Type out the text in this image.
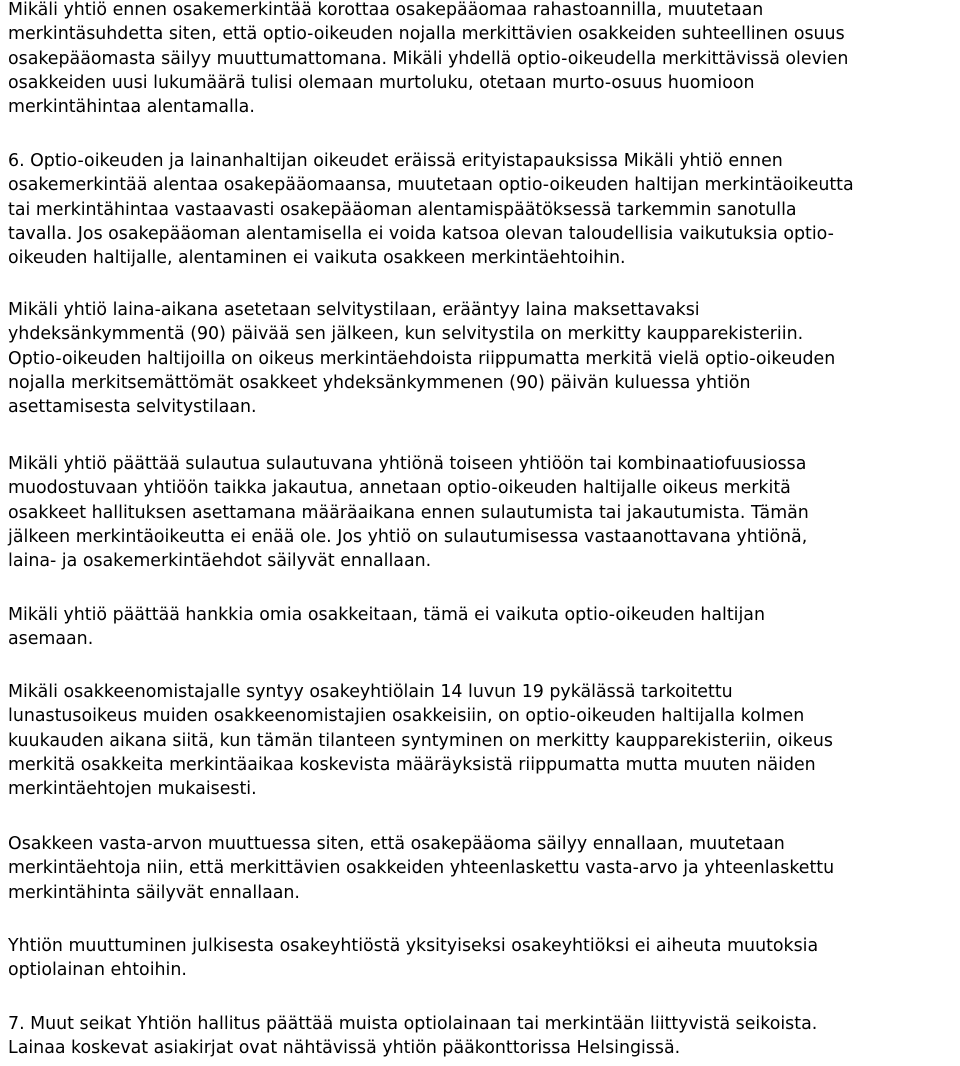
Mikäli yhtiö ennen osakemerkintää korottaa osakepääomaa rahastoannilla, muutetaan
merkintäsuhdetta siten, että optio-oikeuden nojalla merkittävien osakkeiden suhteellinen osuus
osakepääomasta säilyy muuttumattomana. Mikäli yhdellä optio-oikeudella merkittävissä olevien
osakkeiden uusi lukumäärä tulisi olemaan murtoluku, otetaan murto-osuus huomioon
merkintähintaa alentamalla.

6. Optio-oikeuden ja lainanhaltijan oikeudet eräissä erityistapauksissa Mikäli yhtiö ennen
osakemerkintää alentaa osakepääomaansa, muutetaan optio-oikeuden haltijan merkintäoikeutta
tai merkintähintaa vastaavasti osakepääoman alentamispäätöksessä tarkemmin sanotulla
tavalla. Jos osakepääoman alentamisella ei voida katsoa olevan taloudellisia vaikutuksia optio-
oikeuden haltijalle, alentaminen ei vaikuta osakkeen merkintäehtoihin.

Mikäli yhtiö laina-aikana asetetaan selvitystilaan, erääntyy laina maksettavaksi
yhdeksänkymmentä (90) päivää sen jälkeen, kun selvitystila on merkitty kaupparekisteriin.
Optio-oikeuden haltijoilla on oikeus merkintäehdoista riippumatta merkitä vielä optio-oikeuden
nojalla merkitsemättömät osakkeet yhdeksänkymmenen (90) päivän kuluessa yhtiön
asettamisesta selvitystilaan.

Mikäli yhtiö päättää sulautua sulautuvana yhtiönä toiseen yhtiöön tai kombinaatiofuusiossa
muodostuvaan yhtiöön taikka jakautua, annetaan optio-oikeuden haltijalle oikeus merkitä
osakkeet hallituksen asettamana määräaikana ennen sulautumista tai jakautumista. Tämän
jälkeen merkintäoikeutta ei enää ole. Jos yhtiö on sulautumisessa vastaanottavana yhtiönä,
laina- ja osakemerkintäehdot säilyvät ennallaan.

Mikäli yhtiö päättää hankkia omia osakkeitaan, tämä ei vaikuta optio-oikeuden haltijan
asemaan.

Mikäli osakkeenomistajalle syntyy osakeyhtiölain 14 luvun 19 pykälässä tarkoitettu
lunastusoikeus muiden osakkeenomistajien osakkeisiin, on optio-oikeuden haltijalla kolmen
kuukauden aikana siitä, kun tämän tilanteen syntyminen on merkitty kaupparekisteriin, oikeus
merkitä osakkeita merkintäaikaa koskevista määräyksistä riippumatta mutta muuten näiden
merkintäehtojen mukaisesti.

Osakkeen vasta-arvon muuttuessa siten, että osakepääoma säilyy ennallaan, muutetaan
merkintäehtoja niin, että merkittävien osakkeiden yhteenlaskettu vasta-arvo ja yhteenlaskettu
merkintähinta säilyvät ennallaan.

Yhtiön muuttuminen julkisesta osakeyhtiöstä yksityiseksi osakeyhtiöksi ei aiheuta muutoksia
optiolainan ehtoihin.

7. Muut seikat Yhtiön hallitus päättää muista optiolainaan tai merkintään liittyvistä seikoista.
Lainaa koskevat asiakirjat ovat nähtävissä yhtiön pääkonttorissa Helsingissä.
